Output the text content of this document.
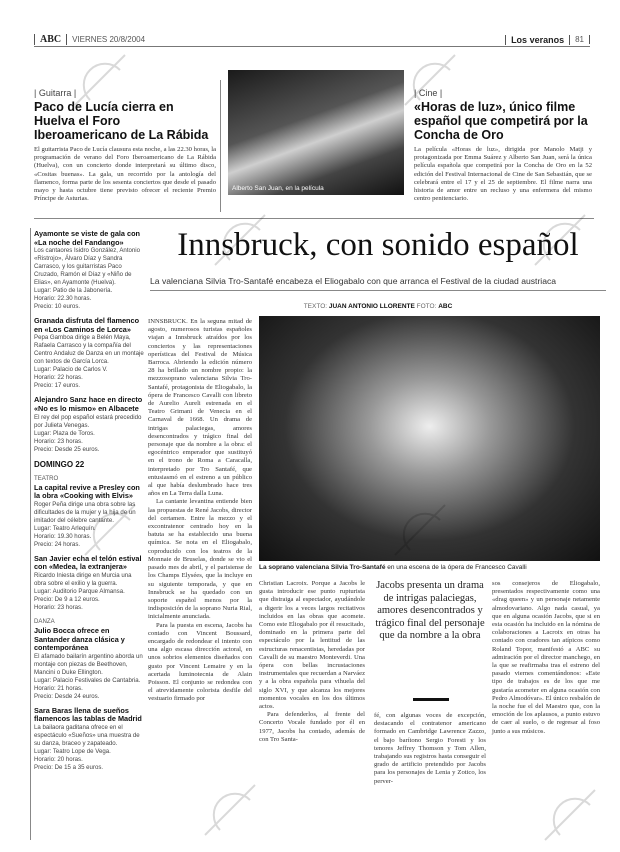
ABC	VIERNES 20/8/2004	Los veranos	81
| Guitarra |
Paco de Lucía cierra en Huelva el Foro Iberoamericano de La Rábida
El guitarrista Paco de Lucía clausura esta noche, a las 22.30 horas, la programación de verano del Foro Iberoamericano de La Rábida (Huelva), con un concierto donde interpretará su último disco, «Cositas buenas». La gala, un recorrido por la antología del flamenco, forma parte de los sesenta conciertos que desde el pasado mayo y hasta octubre tiene previsto ofrecer el reciente Premio Príncipe de Asturias.
Alberto San Juan, en la película
| Cine |
«Horas de luz», único filme español que competirá por la Concha de Oro
La película «Horas de luz», dirigida por Manolo Matji y protagonizada por Emma Suárez y Alberto San Juan, será la única película española que competirá por la Concha de Oro en la 52 edición del Festival Internacional de Cine de San Sebastián, que se celebrará entre el 17 y el 25 de septiembre. El filme narra una historia de amor entre un recluso y una enfermera del mismo centro penitenciario.
Ayamonte se viste de gala con «La noche del Fandango»
Los cantaores Isidro González, Antonio «Ristrojo», Álvaro Díaz y Sandra Carrasco, y los guitarristas Paco Cruzado, Ramón el Díaz y «Niño de Elias», en Ayamonte (Huelva).
Lugar: Patio de la Jabonería.
Horario: 22.30 horas.
Precio: 10 euros.
Granada disfruta del flamenco en «Los Caminos de Lorca»
Pepa Gamboa dirige a Belén Maya, Rafaela Carrasco y la compañía del Centro Andaluz de Danza en un montaje con textos de García Lorca.
Lugar: Palacio de Carlos V.
Horario: 22 horas.
Precio: 17 euros.
Alejandro Sanz hace en directo «No es lo mismo» en Albacete
El rey del pop español estará precedido por Julieta Venegas.
Lugar: Plaza de Toros.
Horario: 23 horas.
Precio: Desde 25 euros.
DOMINGO 22
TEATRO
La capital revive a Presley con la obra «Cooking with Elvis»
Roger Peña dirige una obra sobre las dificultades de la mujer y la hija de un imitador del célebre cantante.
Lugar: Teatro Arlequín.
Horario: 19.30 horas.
Precio: 24 horas.
San Javier echa el telón estival con «Medea, la extranjera»
Ricardo Iniesta dirige en Murcia una obra sobre el exilio y la guerra.
Lugar: Auditorio Parque Almansa.
Precio: De 9 a 12 euros.
Horario: 23 horas.
DANZA
Julio Bocca ofrece en Santander danza clásica y contemporánea
El afamado bailarín argentino aborda un montaje con piezas de Beethoven, Mancini o Duke Ellington.
Lugar: Palacio Festivales de Cantabria.
Horario: 21 horas.
Precio: Desde 24 euros.
Sara Baras llena de sueños flamencos las tablas de Madrid
La bailaora gaditana ofrece en el espectáculo «Sueños» una muestra de su danza, braceo y zapateado.
Lugar: Teatro Lope de Vega.
Horario: 20 horas.
Precio: De 15 a 35 euros.
Innsbruck, con sonido español
La valenciana Silvia Tro-Santafé encabeza el Eliogabalo con que arranca el Festival de la ciudad austriaca
TEXTO: JUAN ANTONIO LLORENTE FOTO: ABC

INNSBRUCK. En la seguna mitad de agosto, numerosos turistas españoles viajan a Innsbruck atraídos por los conciertos y las representaciones operísticas del Festival de Música Barroca. Abriendo la edición número 28 ha brillado un nombre propio: la mezzosoprano valenciana Silvia Tro-Santafé, protagonista de Eliogabalo, la ópera de Francesco Cavalli con libreto de Aurelio Aureli estrenada en el Teatro Grimani de Venecia en el Carnaval de 1668. Un drama de intrigas palaciegas, amores desencontrados y trágico final del personaje que da nombre a la obra: el egocéntrico emperador que sustituyó en el trono de Roma a Caracalla, interpretado por Tro Santafé, que entusiasmó en el estreno a un público al que había deslumbrado hace tres años en La Terra dalla Luna.

La cantante levantina entiende bien las propuestas de René Jacobs, director del certamen. Entre la mezzo y el excontratenor centrado hoy en la batuta se ha establecido una buena química. Se nota en el Eliogabalo, coproducido con los teatros de la Monnaie de Bruselas, donde se vio el pasado mes de abril, y el parisiense de los Champs Elysées, que la incluye en su siguiente temporada, y que en Innsbruck se ha quedado con un soporte español menos por la indisposición de la soprano Nuria Rial, inicialmente anunciada.

Para la puesta en escena, Jacobs ha contado con Vincent Boussard, encargado de redondear el intento con una algo escasa dirección actoral, en unos sobrios elementos diseñados con gusto por Vincent Lemaire y en la acertada luminotecnia de Alain Poisson. El conjunto se redondea con el atrevidamente colorista desfile del vestuario firmado por

La soprano valenciana Silvia Tro-Santafé en una escena de la ópera de Francesco Cavalli

Christian Lacroix. Porque a Jacobs le gusta introducir ese punto rupturista que distraiga al espectador, ayudándole a digerir los a veces largos recitativos incluidos en las obras que acomete. Como este Eliogabalo por él resucitado, dominado en la primera parte del espectáculo por la lentitud de las estructuras renacentistas, heredadas por Cavalli de su maestro Monteverdi. Una ópera con bellas incrustaciones instrumentales que recuerdan a Narváez y a la obra española para vihuela del siglo XVI, y que alcanza los mejores momentos vocales en los dos últimos actos.

Para defenderlos, al frente del Concerto Vocale fundado por él en 1977, Jacobs ha contado, además de con Tro Santa-

Jacobs presenta un drama de intrigas palaciegas, amores desencontrados y trágico final del personaje que da nombre a la obra

fé, con algunas voces de excepción, destacando el contratenor americano formado en Cambridge Lawrence Zazzo, el bajo barítono Sergio Foresti y los tenores Jeffrey Thomson y Tom Allen, trabajando sus registros hasta conseguir el grado de artificio pretendido por Jacobs para los personajes de Lenia y Zotico, los perver-

sos consejeros de Eliogabalo, presentados respectivamente como una «drag queen» y un personaje netamente almodovariano. Algo nada casual, ya que en alguna ocasión Jacobs, que si en esta ocasión ha incluido en la nómina de colaboraciones a Lacroix en otras ha contado con cradores tan atípicos como Roland Topor, manifestó a ABC su admiración por el director manchego, en la que se reafirmaba tras el estreno del pasado viernes comentándonos: «Este tipo de trabajos es de los que me gustaría acometer en alguna ocasión con Pedro Almodóvar». El único resbalón de la noche fue el del Maestro que, con la emoción de los aplausos, a punto estuvo de caer al suelo, o de regresar al foso junto a sus músicos.
